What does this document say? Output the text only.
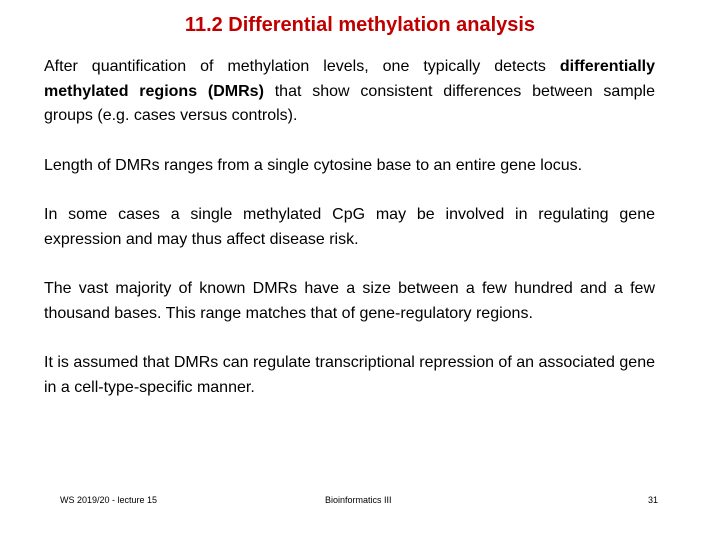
11.2 Differential methylation analysis

After quantification of methylation levels, one typically detects differentially methylated regions (DMRs) that show consistent differences between sample groups (e.g. cases versus controls).

Length of DMRs ranges from a single cytosine base to an entire gene locus.

In some cases a single methylated CpG may be involved in regulating gene expression and may thus affect disease risk.

The vast majority of known DMRs have a size between a few hundred and a few thousand bases. This range matches that of gene-regulatory regions.

It is assumed that DMRs can regulate transcriptional repression of an associated gene in a cell-type-specific manner.

WS 2019/20 - lecture 15	Bioinformatics III	31
